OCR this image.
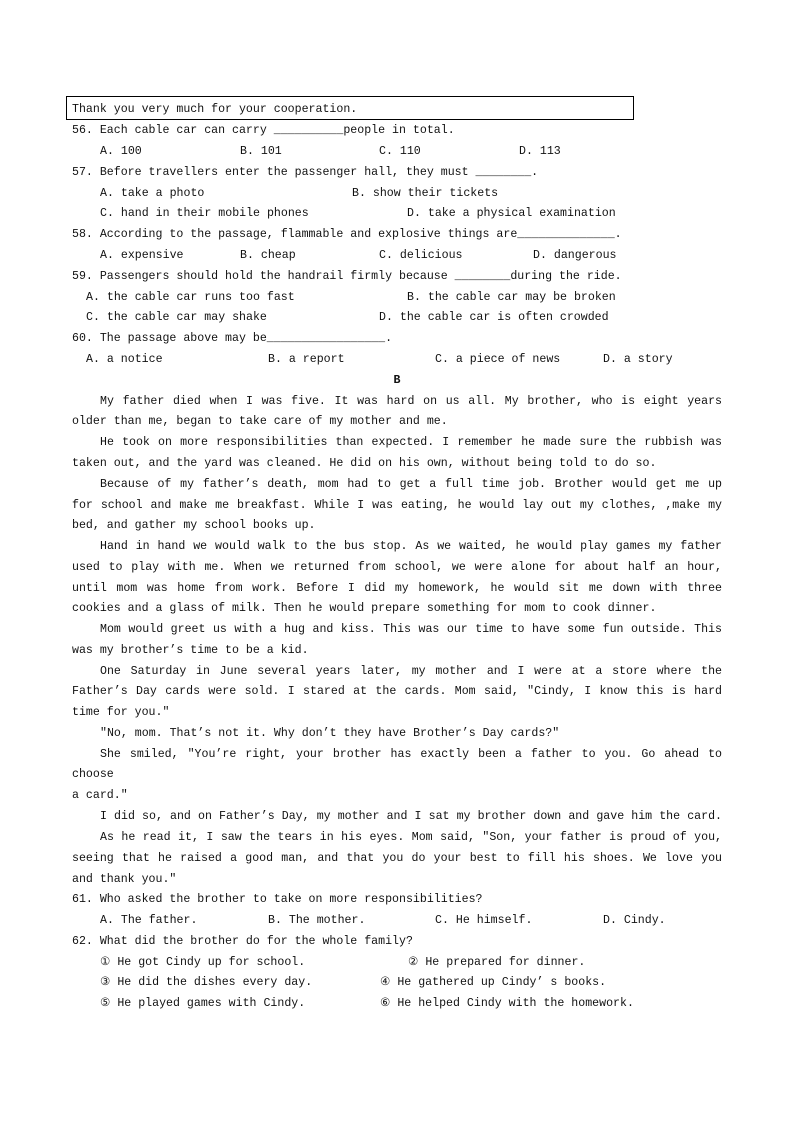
Thank you very much for your cooperation.
56. Each cable car can carry __________people in total.
A. 100	B. 101	C. 110	D. 113
57. Before travellers enter the passenger hall, they must ________.
A. take a photo	B. show their tickets
C. hand in their mobile phones	D. take a physical examination
58. According to the passage, flammable and explosive things are______________.
A. expensive	B. cheap	C. delicious	D. dangerous
59. Passengers should hold the handrail firmly because ________during the ride.
A. the cable car runs too fast	B. the cable car may be broken
C. the cable car may shake	D. the cable car is often crowded
60. The passage above may be_________________.
A. a notice	B. a report	C. a piece of news	D. a story
B
My father died when I was five. It was hard on us all. My brother, who is eight years
older than me, began to take care of my mother and me.
He took on more responsibilities than expected. I remember he made sure the rubbish was
taken out, and the yard was cleaned. He did on his own, without being told to do so.
Because of my father’s death, mom had to get a full time job. Brother would get me up
for school and make me breakfast. While I was eating, he would lay out my clothes, ,make my
bed, and gather my school books up.
Hand in hand we would walk to the bus stop. As we waited, he would play games my father
used to play with me. When we returned from school, we were alone for about half an hour,
until mom was home from work. Before I did my homework, he would sit me down with three
cookies and a glass of milk. Then he would prepare something for mom to cook dinner.
Mom would greet us with a hug and kiss. This was our time to have some fun outside. This
was my brother’s time to be a kid.
One Saturday in June several years later, my mother and I were at a store where the
Father’s Day cards were sold. I stared at the cards. Mom said, ″Cindy, I know this is hard
time for you.″
″No, mom. That’s not it. Why don’t they have Brother’s Day cards?″
She smiled, ″You’re right, your brother has exactly been a father to you. Go ahead to
choose
a card.″
I did so, and on Father’s Day, my mother and I sat my brother down and gave him the card.
As he read it, I saw the tears in his eyes. Mom said, ″Son, your father is proud of you,
seeing that he raised a good man, and that you do your best to fill his shoes. We love you
and thank you.″
61. Who asked the brother to take on more responsibilities?
A. The father.	B. The mother.	C. He himself.	D. Cindy.
62. What did the brother do for the whole family?
① He got Cindy up for school.	② He prepared for dinner.
③ He did the dishes every day.	④ He gathered up Cindy’ s books.
⑤ He played games with Cindy.	⑥ He helped Cindy with the homework.
